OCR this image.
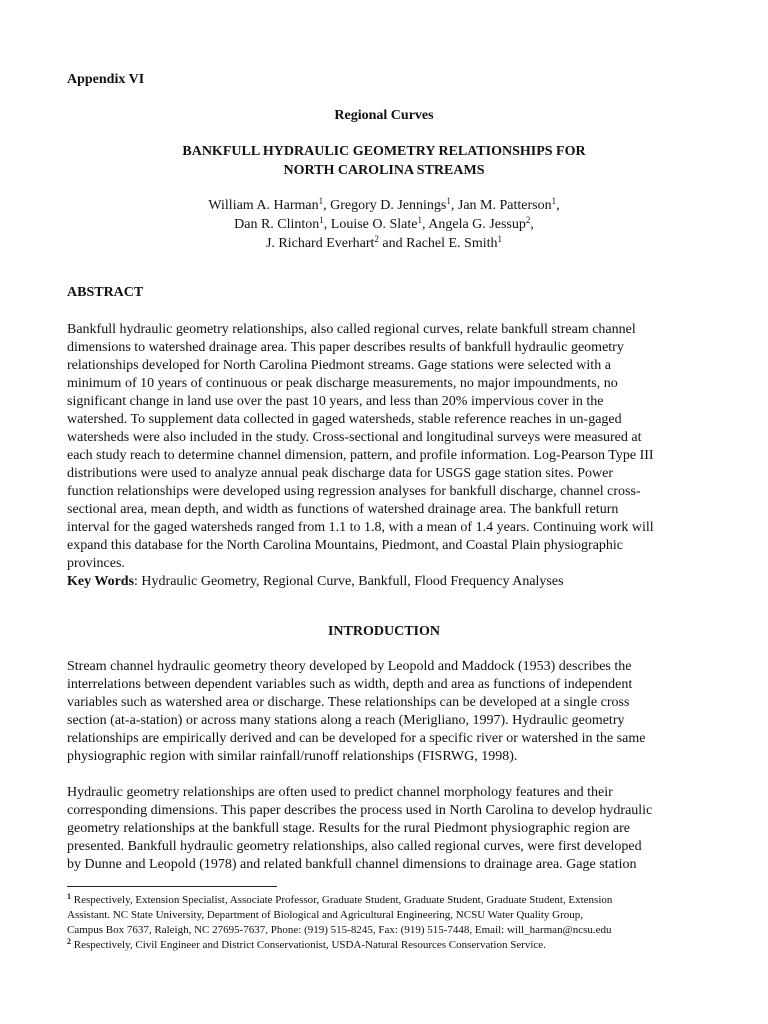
Appendix VI
Regional Curves
BANKFULL HYDRAULIC GEOMETRY RELATIONSHIPS FOR
NORTH CAROLINA STREAMS
William A. Harman$^1$, Gregory D. Jennings$^1$, Jan M. Patterson$^1$,
Dan R. Clinton$^1$, Louise O. Slate$^1$, Angela G. Jessup$^2$,
J. Richard Everhart$^2$ and Rachel E. Smith$^1$
ABSTRACT
Bankfull hydraulic geometry relationships, also called regional curves, relate bankfull stream channel
dimensions to watershed drainage area. This paper describes results of bankfull hydraulic geometry
relationships developed for North Carolina Piedmont streams. Gage stations were selected with a
minimum of 10 years of continuous or peak discharge measurements, no major impoundments, no
significant change in land use over the past 10 years, and less than 20% impervious cover in the
watershed. To supplement data collected in gaged watersheds, stable reference reaches in un-gaged
watersheds were also included in the study. Cross-sectional and longitudinal surveys were measured at
each study reach to determine channel dimension, pattern, and profile information. Log-Pearson Type III
distributions were used to analyze annual peak discharge data for USGS gage station sites. Power
function relationships were developed using regression analyses for bankfull discharge, channel cross-
sectional area, mean depth, and width as functions of watershed drainage area. The bankfull return
interval for the gaged watersheds ranged from 1.1 to 1.8, with a mean of 1.4 years. Continuing work will
expand this database for the North Carolina Mountains, Piedmont, and Coastal Plain physiographic
provinces.
Key Words: Hydraulic Geometry, Regional Curve, Bankfull, Flood Frequency Analyses
INTRODUCTION
Stream channel hydraulic geometry theory developed by Leopold and Maddock (1953) describes the
interrelations between dependent variables such as width, depth and area as functions of independent
variables such as watershed area or discharge. These relationships can be developed at a single cross
section (at-a-station) or across many stations along a reach (Merigliano, 1997). Hydraulic geometry
relationships are empirically derived and can be developed for a specific river or watershed in the same
physiographic region with similar rainfall/runoff relationships (FISRWG, 1998).
Hydraulic geometry relationships are often used to predict channel morphology features and their
corresponding dimensions. This paper describes the process used in North Carolina to develop hydraulic
geometry relationships at the bankfull stage. Results for the rural Piedmont physiographic region are
presented. Bankfull hydraulic geometry relationships, also called regional curves, were first developed
by Dunne and Leopold (1978) and related bankfull channel dimensions to drainage area. Gage station
$^1$ Respectively, Extension Specialist, Associate Professor, Graduate Student, Graduate Student, Graduate Student, Extension
Assistant. NC State University, Department of Biological and Agricultural Engineering, NCSU Water Quality Group,
Campus Box 7637, Raleigh, NC 27695-7637, Phone: (919) 515-8245, Fax: (919) 515-7448, Email: will_harman@ncsu.edu
$^2$ Respectively, Civil Engineer and District Conservationist, USDA-Natural Resources Conservation Service.
